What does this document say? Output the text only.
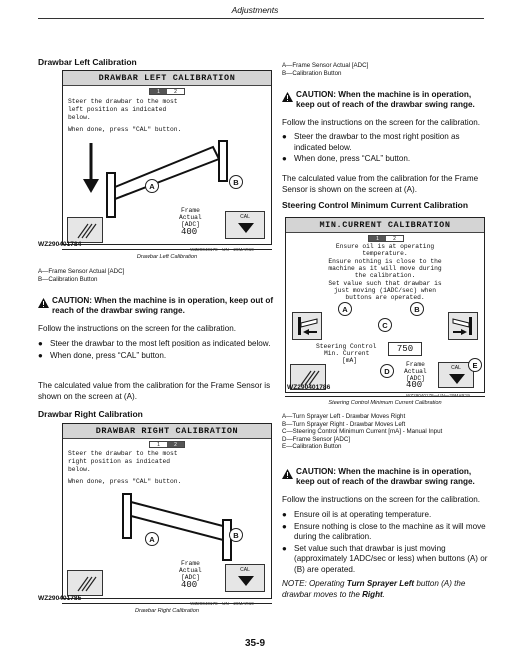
Adjustments
Drawbar Left Calibration
DRAWBAR LEFT CALIBRATION
1	2
Steer the drawbar to the most
left position as indicated
below.
When done, press "CAL" button.
A	B
Frame
Actual
[ADC]
400
CAL
WZ290401784
WZ29040178—UN—29MAR19
Drawbar Left Calibration
A—Frame Sensor Actual [ADC]
B—Calibration Button
CAUTION: When the machine is in operation, keep out of reach of the drawbar swing range.
Follow the instructions on the screen for the calibration.
● Steer the drawbar to the most left position as indicated below.
● When done, press “CAL” button.
The calculated value from the calibration for the Frame Sensor is shown on the screen at (A).
Drawbar Right Calibration
DRAWBAR RIGHT CALIBRATION
1	2
Steer the drawbar to the most
right position as indicated
below.
When done, press "CAL" button.
A	B
Frame
Actual
[ADC]
400
CAL
WZ290401785
WZ29040178—UN—29MAR19
Drawbar Right Calibration
A—Frame Sensor Actual [ADC]
B—Calibration Button
CAUTION: When the machine is in operation, keep out of reach of the drawbar swing range.
Follow the instructions on the screen for the calibration.
● Steer the drawbar to the most right position as indicated below.
● When done, press “CAL” button.
The calculated value from the calibration for the Frame Sensor is shown on the screen at (A).
Steering Control Minimum Current Calibration
MIN.CURRENT CALIBRATION
1	2
Ensure oil is at operating
temperature.
Ensure nothing is close to the
machine as it will move during
the calibration.
Set value such that drawbar is
just moving (1ADC/sec) when
buttons are operated.
A	B
C
Steering Control
Min. Current
[mA]
750
Frame
Actual
[ADC]
400
D	CAL	E
WZ290401786
WZ29040178—UN—29MAR19
Steering Control Minimum Current Calibration
A—Turn Sprayer Left - Drawbar Moves Right
B—Turn Sprayer Right - Drawbar Moves Left
C—Steering Control Minimum Current [mA] - Manual Input
D—Frame Sensor [ADC]
E—Calibration Button
CAUTION: When the machine is in operation, keep out of reach of the drawbar swing range.
Follow the instructions on the screen for the calibration.
● Ensure oil is at operating temperature.
● Ensure nothing is close to the machine as it will move during the calibration.
● Set value such that drawbar is just moving (approximately 1ADC/sec or less) when buttons (A) or (B) are operated.
NOTE: Operating Turn Sprayer Left button (A) the drawbar moves to the Right.
35-9
